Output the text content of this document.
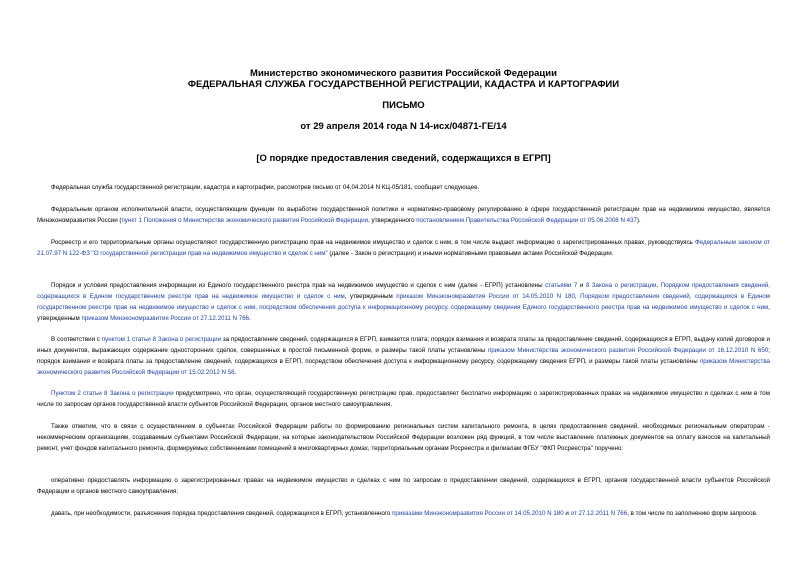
Министерство экономического развития Российской Федерации

ФЕДЕРАЛЬНАЯ СЛУЖБА ГОСУДАРСТВЕННОЙ РЕГИСТРАЦИИ, КАДАСТРА И КАРТОГРАФИИ

ПИСЬМО

от 29 апреля 2014 года N 14-исх/04871-ГЕ/14

[О порядке предоставления сведений, содержащихся в ЕГРП]

Федеральная служба государственной регистрации, кадастра и картографии, рассмотрев письмо от 04.04.2014 N КЦ-05/181, сообщает следующее.

Федеральным органом исполнительной власти, осуществляющим функции по выработке государственной политики и нормативно-правовому регулированию в сфере государственной регистрации прав на недвижимое имущество, является Минэкономразвития России (пункт 1 Положения о Министерстве экономического развития Российской Федерации, утвержденного постановлением Правительства Российской Федерации от 05.06.2008 N 437).

Росреестр и его территориальные органы осуществляют государственную регистрацию прав на недвижимое имущество и сделок с ним, в том числе выдают информацию о зарегистрированных правах, руководствуясь Федеральным законом от 21.07.97 N 122-ФЗ "О государственной регистрации прав на недвижимое имущество и сделок с ним" (далее - Закон о регистрации) и иными нормативными правовыми актами Российской Федерации.

Порядок и условия предоставления информации из Единого государственного реестра прав на недвижимое имущество и сделок с ним (далее - ЕГРП) установлены статьями 7 и 8 Закона о регистрации, Порядком предоставления сведений, содержащихся в Едином государственном реестре прав на недвижимое имущество и сделок с ним, утвержденным приказом Минэкономразвития России от 14.05.2010 N 180, Порядком предоставления сведений, содержащихся в Едином государственном реестре прав на недвижимое имущество и сделок с ним, посредством обеспечения доступа к информационному ресурсу, содержащему сведения Единого государственного реестра прав на недвижимое имущество и сделок с ним, утвержденным приказом Минэкономразвития России от 27.12.2011 N 766.

В соответствии с пунктом 1 статьи 8 Закона о регистрации за предоставление сведений, содержащихся в ЕГРП, взимается плата; порядок взимания и возврата платы за предоставление сведений, содержащихся в ЕГРП, выдачу копий договоров и иных документов, выражающих содержание односторонних сделок, совершенных в простой письменной форме, и размеры такой платы установлены приказом Министерства экономического развития Российской Федерации от 16.12.2010 N 650; порядок взимания и возврата платы за предоставление сведений, содержащихся в ЕГРП, посредством обеспечения доступа к информационному ресурсу, содержащему сведения ЕГРП, и размеры такой платы установлены приказом Министерства экономического развития Российской Федерации от 15.02.2012 N 58.

Пунктом 2 статьи 8 Закона о регистрации предусмотрено, что орган, осуществляющий государственную регистрацию прав, предоставляет бесплатно информацию о зарегистрированных правах на недвижимое имущество и сделках с ним в том числе по запросам органов государственной власти субъектов Российской Федерации, органов местного самоуправления.

Также отметим, что в связи с осуществлением в субъектах Российской Федерации работы по формированию региональных систем капитального ремонта, в целях предоставления сведений, необходимых региональным операторам - некоммерческим организациям, создаваемым субъектами Российской Федерации, на которые законодательством Российской Федерации возложен ряд функций, в том числе выставление платежных документов на оплату взносов на капитальный ремонт, учет фондов капитального ремонта, формируемых собственниками помещений в многоквартирных домах, территориальным органам Росреестра и филиалам ФГБУ "ФКП Росреестра" поручено:

оперативно предоставлять информацию о зарегистрированных правах на недвижимое имущество и сделках с ним по запросам о предоставлении сведений, содержащихся в ЕГРП, органов государственной власти субъектов Российской Федерации и органов местного самоуправления;

давать, при необходимости, разъяснения порядка предоставления сведений, содержащихся в ЕГРП, установленного приказами Минэкономразвития России от 14.05.2010 N 180 и от 27.12.2011 N 766, в том числе по заполнению форм запросов.
